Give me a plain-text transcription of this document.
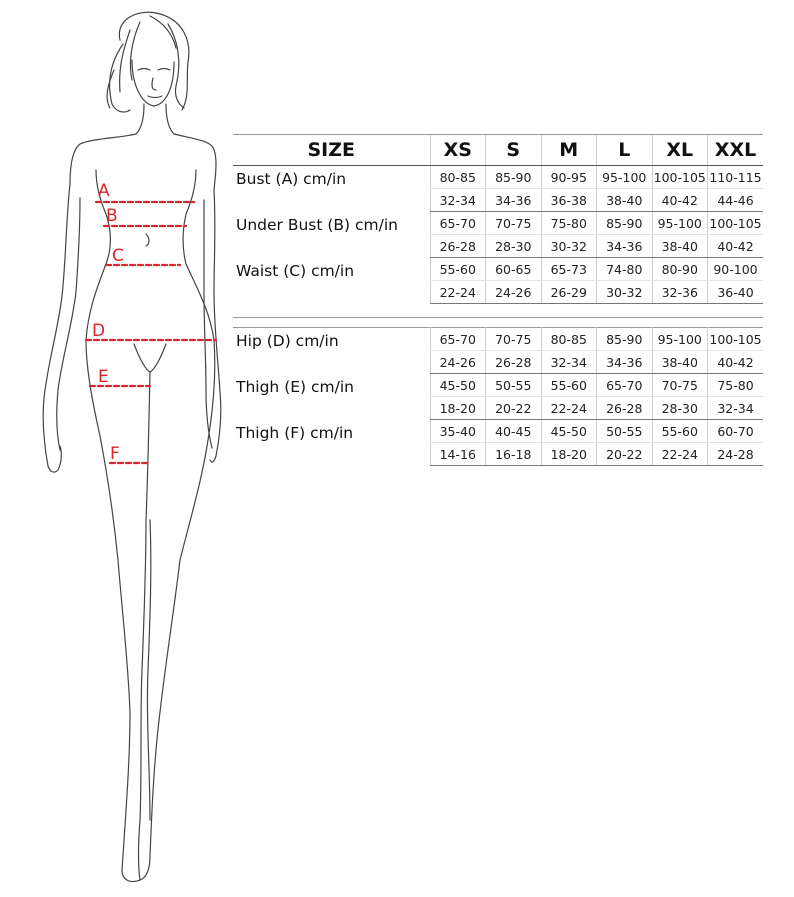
A
B
C
D
E
F
SIZE	XS	S	M	L	XL	XXL
Bust (A) cm/in	80-85	85-90	90-95	95-100	100-105	110-115
	32-34	34-36	36-38	38-40	40-42	44-46
Under Bust (B) cm/in	65-70	70-75	75-80	85-90	95-100	100-105
	26-28	28-30	30-32	34-36	38-40	40-42
Waist (C) cm/in	55-60	60-65	65-73	74-80	80-90	90-100
	22-24	24-26	26-29	30-32	32-36	36-40
Hip (D) cm/in	65-70	70-75	80-85	85-90	95-100	100-105
	24-26	26-28	32-34	34-36	38-40	40-42
Thigh (E) cm/in	45-50	50-55	55-60	65-70	70-75	75-80
	18-20	20-22	22-24	26-28	28-30	32-34
Thigh (F) cm/in	35-40	40-45	45-50	50-55	55-60	60-70
	14-16	16-18	18-20	20-22	22-24	24-28
